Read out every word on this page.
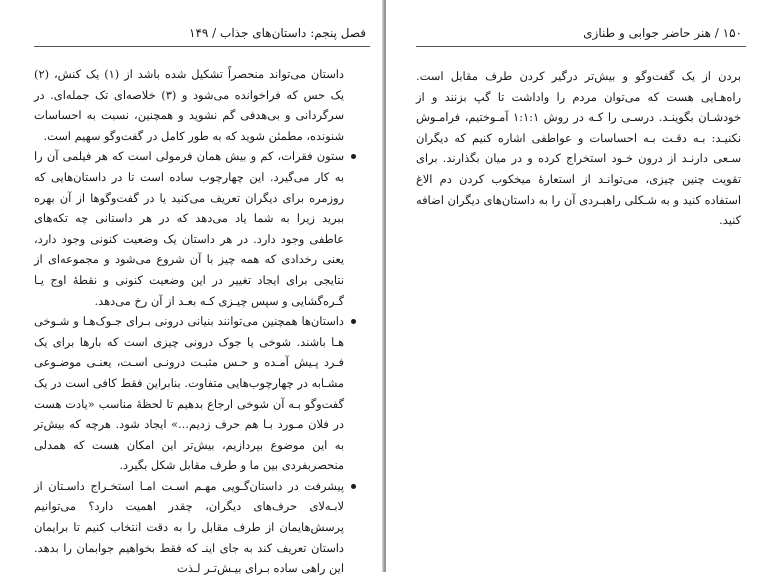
فصل پنجم: داستان‌های جذاب / ۱۴۹

داستان می‌تواند منحصراً تشکیل شده باشد از (۱) یک کنش، (۲) یک حس که فراخوانده می‌شود و (۳) خلاصه‌ای تک جمله‌ای. در سرگردانی و بی‌هدفی گم نشوید و همچنین، نسبت به احساسات شنونده، مطمئن شوید که به طور کامل در گفت‌وگو سهیم است.

ستون فقرات، کم و بیش همان فرمولی است که هر فیلمی آن را به کار می‌گیرد. این چهارچوب ساده است تا در داستان‌هایی که روزمره برای دیگران تعریف می‌کنید یا در گفت‌وگوها از آن بهره ببرید زیرا به شما یاد می‌دهد که در هر داستانی چه تکه‌های عاطفی وجود دارد. در هر داستان یک وضعیت کنونی وجود دارد، یعنی رخدادی که همه چیز با آن شروع می‌شود و مجموعه‌ای از نتایجی برای ایجاد تغییر در این وضعیت کنونی و نقطهٔ اوج یـا گـره‌گشایی و سپس چیـزی کـه بعـد از آن رخ می‌دهد.

داستان‌ها همچنین می‌توانند بنیانی درونی بـرای جـوک‌هـا و شـوخی‌ هـا باشند. شوخی یا جوک درونی چیزی است که بارها برای یک فـرد پـیش آمـده و حـس مثبـت درونـی اسـت، یعنـی موضـوعی مشـابه در چهارچوب‌هایی متفاوت. بنابراین فقط کافی است در یک گفت‌وگو بـه آن شوخی ارجاع بدهیم تا لحظهٔ مناسب «یادت هست در فلان مـورد بـا هم حرف زدیم...» ایجاد شود. هرچه که بیش‌تر به این موضوع بپردازیم، بیش‌تر این امکان هست که همدلی منحصربفردی بین ما و طرف مقابل شکل بگیرد.

پیشرفت در داستان‌گـویی مهـم اسـت امـا استخـراج داسـتان از لابـه‌لای حرف‌های دیگران، چقدر اهمیت دارد؟ می‌توانیم پرسش‌هایمان از طرف مقابل را به دقت انتخاب کنیم تا برایمان داستان تعریف کند به جای اینـ که فقط بخواهیم جوابمان را بدهد. این راهی ساده بـرای بیـش‌تـر لـذت

۱۵۰ / هنر حاضر جوابی و طنازی

بردن از یک گفت‌وگو و بیش‌تر درگیر کردن طرف مقابل است. راه‌هـایی هست که می‌توان مردم را واداشت تا گپ بزنند و از خودشـان بگوینـد. درسـی را کـه در روش ۱:۱:۱ آمـوختیم، فرامـوش نکنیـد: بـه دقـت بـه احساسات و عواطفی اشاره کنیم که دیگران سـعی دارنـد از درون خـود استخراج کرده و در میان بگذارند. برای تقویت چنین چیزی، می‌توانـد از استعارهٔ میخکوب کردن دم الاغ استفاده کنید و به شـکلی راهبـردی آن را به داستان‌های دیگران اضافه کنید.
